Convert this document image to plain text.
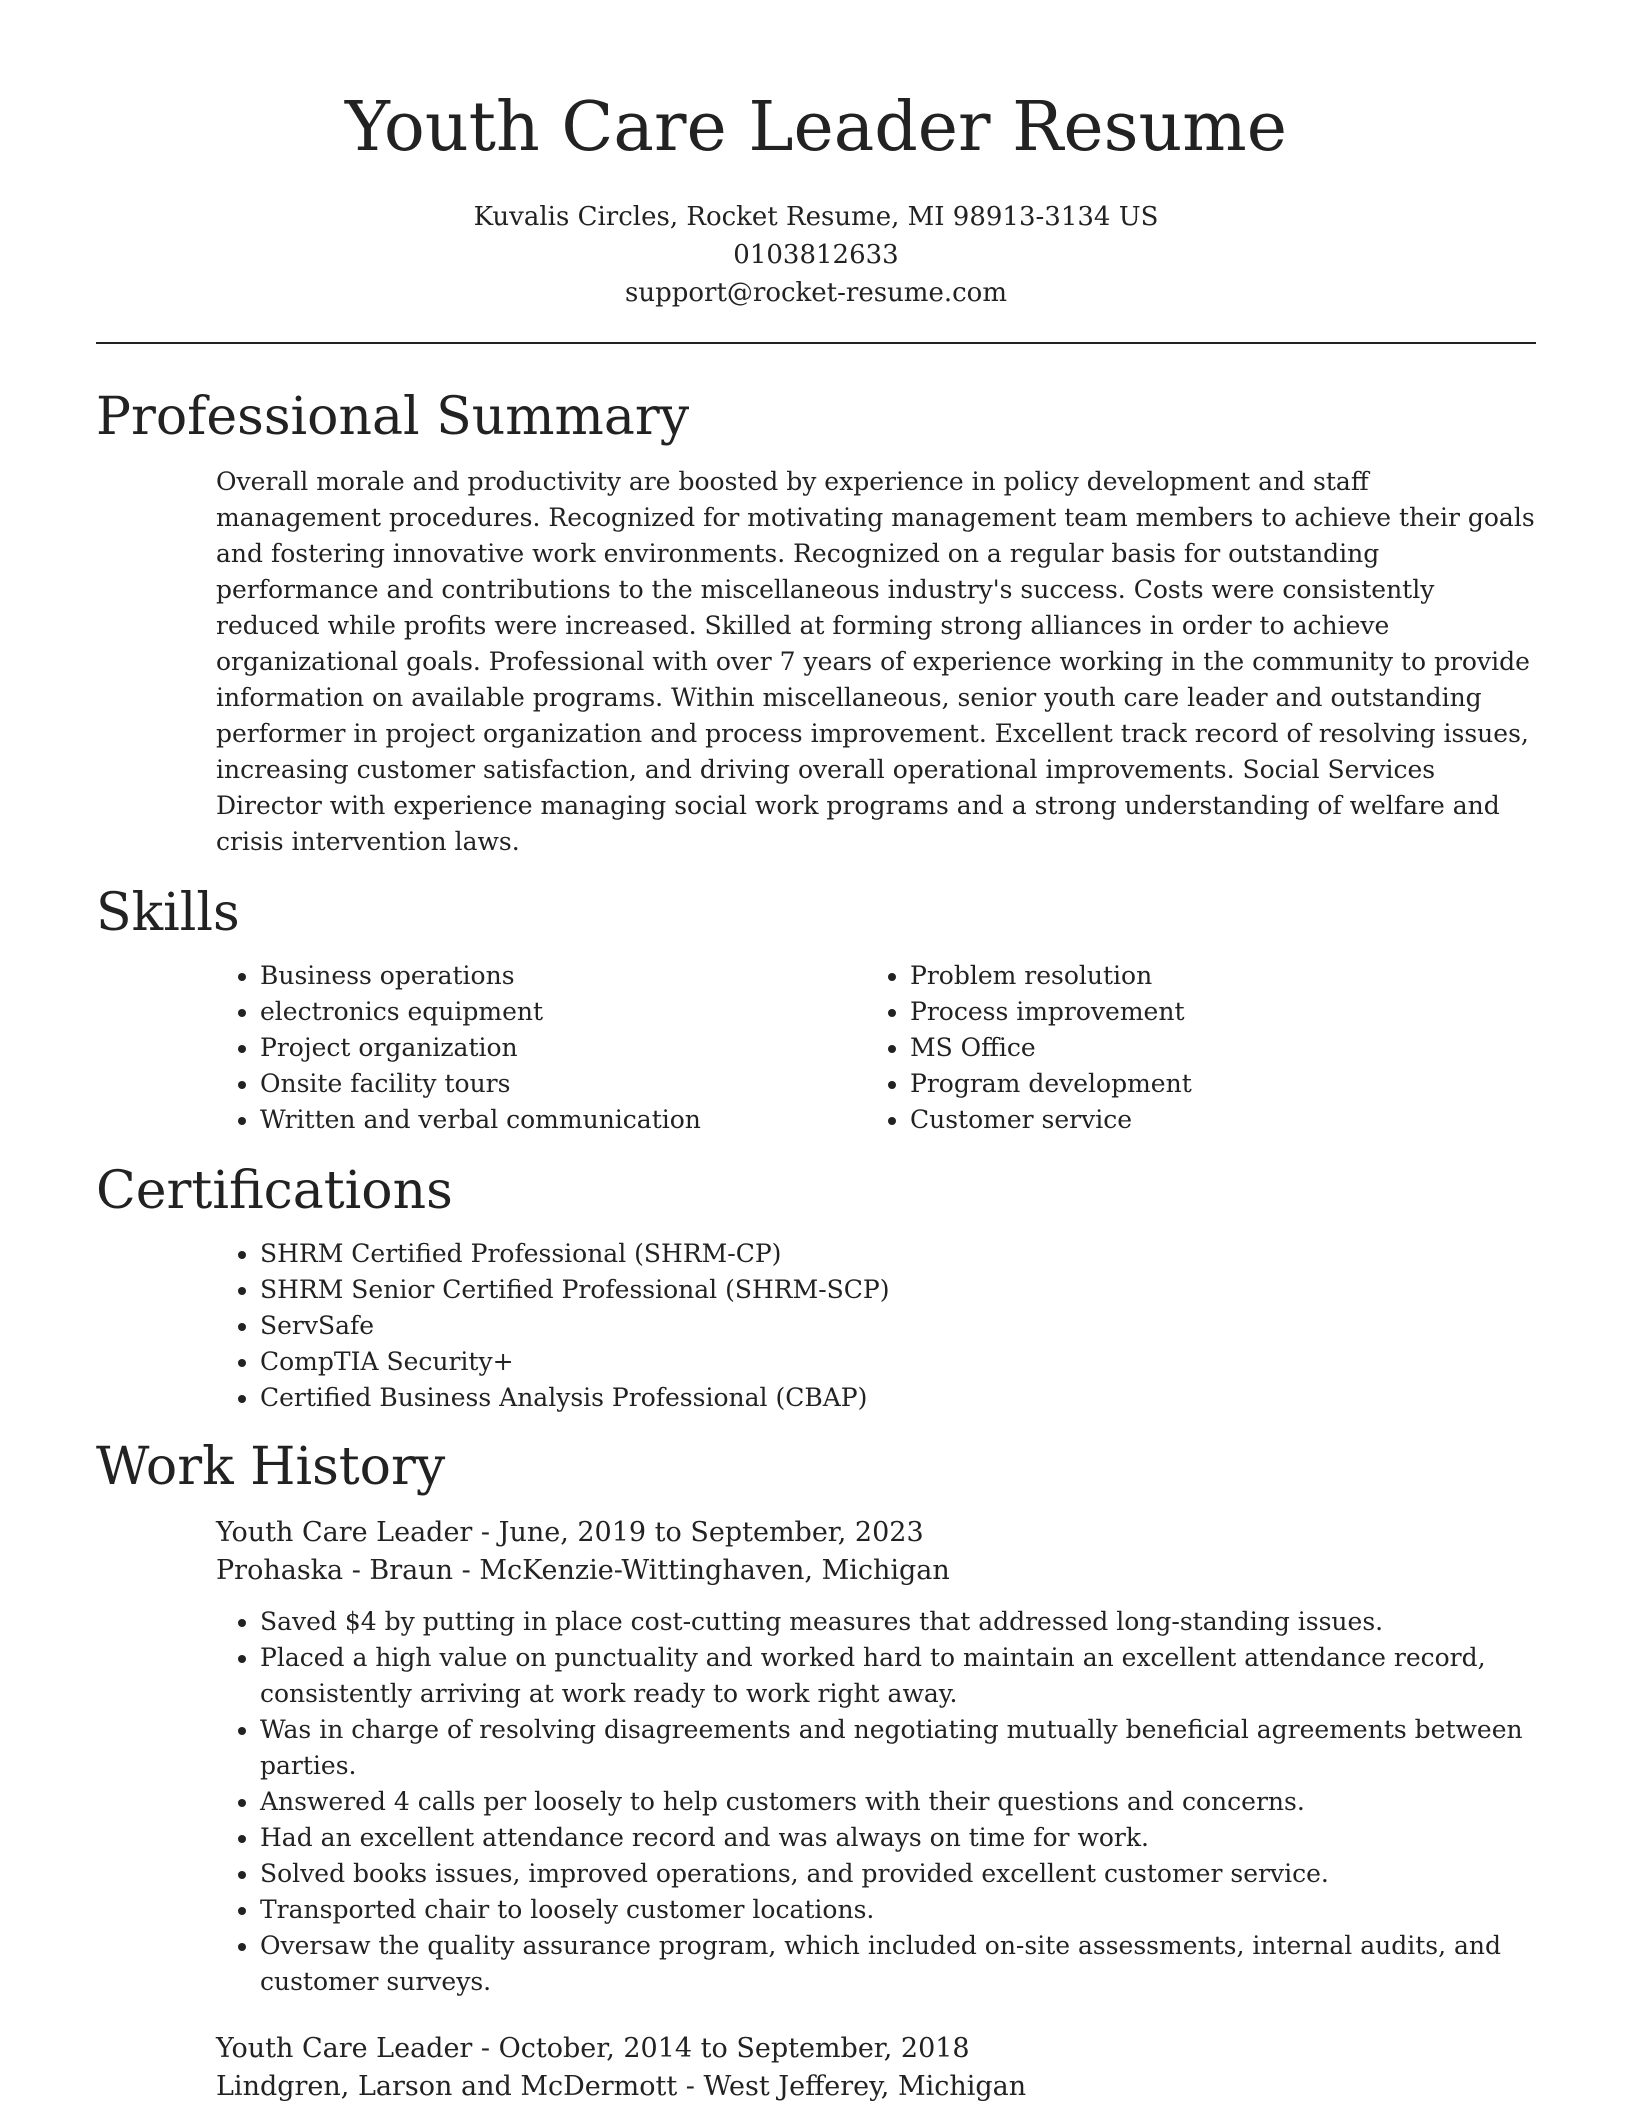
Youth Care Leader Resume
Kuvalis Circles, Rocket Resume, MI 98913-3134 US
0103812633
support@rocket-resume.com
Professional Summary

Overall morale and productivity are boosted by experience in policy development and staff management procedures. Recognized for motivating management team members to achieve their goals and fostering innovative work environments. Recognized on a regular basis for outstanding performance and contributions to the miscellaneous industry's success. Costs were consistently reduced while profits were increased. Skilled at forming strong alliances in order to achieve organizational goals. Professional with over 7 years of experience working in the community to provide information on available programs. Within miscellaneous, senior youth care leader and outstanding performer in project organization and process improvement. Excellent track record of resolving issues, increasing customer satisfaction, and driving overall operational improvements. Social Services Director with experience managing social work programs and a strong understanding of welfare and crisis intervention laws.

Skills
• Business operations
• electronics equipment
• Project organization
• Onsite facility tours
• Written and verbal communication
• Problem resolution
• Process improvement
• MS Office
• Program development
• Customer service
Certifications
• SHRM Certified Professional (SHRM-CP)
• SHRM Senior Certified Professional (SHRM-SCP)
• ServSafe
• CompTIA Security+
• Certified Business Analysis Professional (CBAP)
Work History
Youth Care Leader - June, 2019 to September, 2023
Prohaska - Braun - McKenzie-Wittinghaven, Michigan
• Saved $4 by putting in place cost-cutting measures that addressed long-standing issues.
• Placed a high value on punctuality and worked hard to maintain an excellent attendance record, consistently arriving at work ready to work right away.
• Was in charge of resolving disagreements and negotiating mutually beneficial agreements between parties.
• Answered 4 calls per loosely to help customers with their questions and concerns.
• Had an excellent attendance record and was always on time for work.
• Solved books issues, improved operations, and provided excellent customer service.
• Transported chair to loosely customer locations.
• Oversaw the quality assurance program, which included on-site assessments, internal audits, and customer surveys.
Youth Care Leader - October, 2014 to September, 2018
Lindgren, Larson and McDermott - West Jefferey, Michigan
